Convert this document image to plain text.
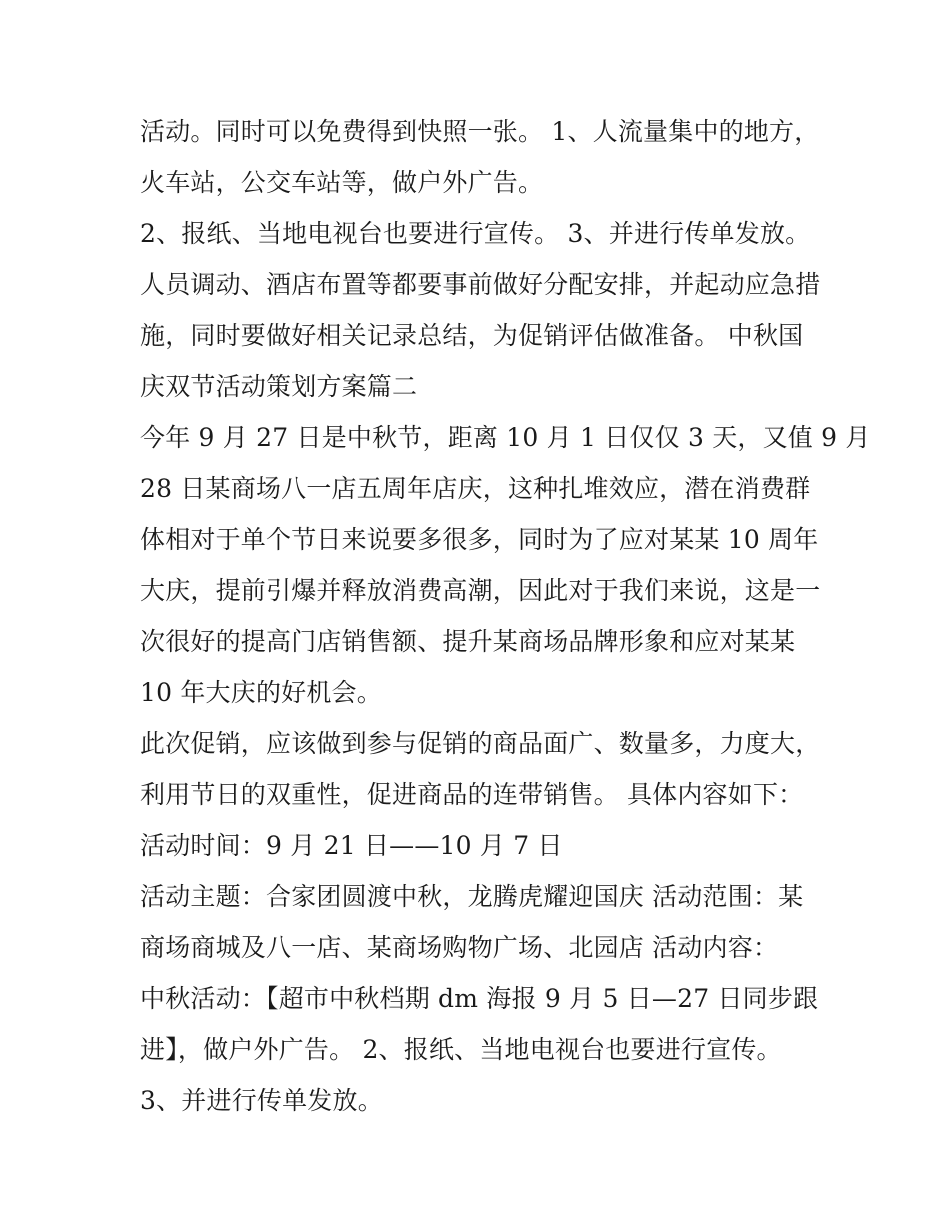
活动。同时可以免费得到快照一张。 1、人流量集中的地方，
火车站，公交车站等，做户外广告。
2、报纸、当地电视台也要进行宣传。 3、并进行传单发放。
人员调动、酒店布置等都要事前做好分配安排，并起动应急措
施，同时要做好相关记录总结，为促销评估做准备。 中秋国
庆双节活动策划方案篇二
今年 9 月 27 日是中秋节，距离 10 月 1 日仅仅 3 天，又值 9 月
28 日某商场八一店五周年店庆，这种扎堆效应，潜在消费群
体相对于单个节日来说要多很多，同时为了应对某某 10 周年
大庆，提前引爆并释放消费高潮，因此对于我们来说，这是一
次很好的提高门店销售额、提升某商场品牌形象和应对某某
10 年大庆的好机会。
此次促销，应该做到参与促销的商品面广、数量多，力度大，
利用节日的双重性，促进商品的连带销售。 具体内容如下：
活动时间：9 月 21 日——10 月 7 日
活动主题：合家团圆渡中秋，龙腾虎耀迎国庆 活动范围：某
商场商城及八一店、某商场购物广场、北园店 活动内容：
中秋活动：【超市中秋档期 dm 海报 9 月 5 日—27 日同步跟
进】，做户外广告。 2、报纸、当地电视台也要进行宣传。
3、并进行传单发放。
